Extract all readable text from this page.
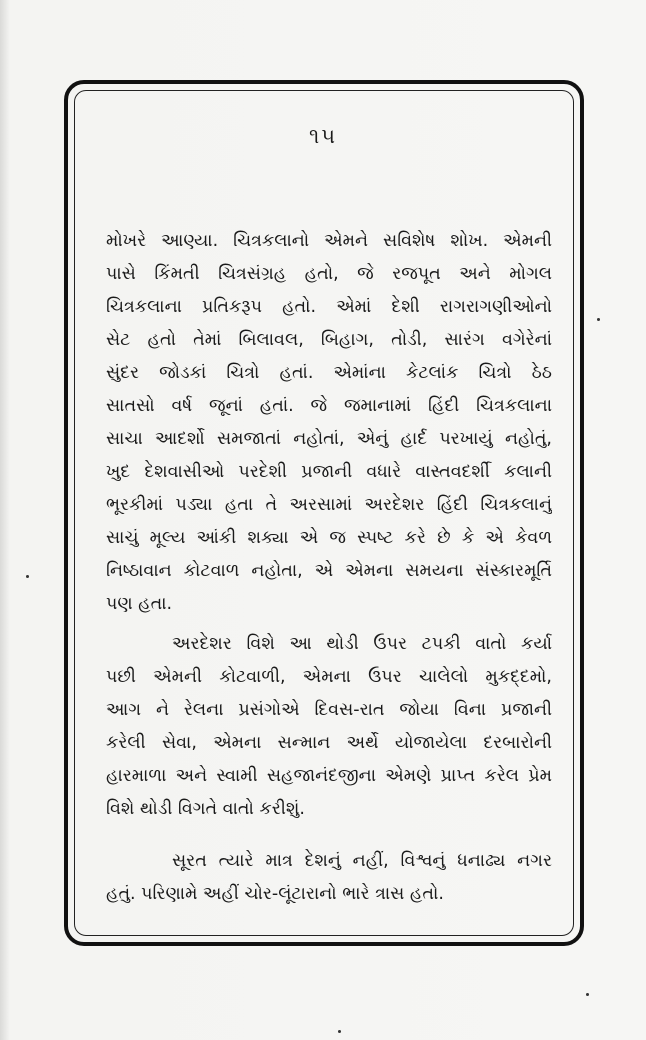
૧૫
મોખરે આણ્યા. ચિત્રકલાનો એમને સવિશેષ શોખ. એમની
પાસે કિંમતી ચિત્રસંગ્રહ હતો, જે રજપૂત અને મોગલ
ચિત્રકલાના પ્રતિકરૂપ હતો. એમાં દેશી રાગરાગણીઓનો
સેટ હતો તેમાં બિલાવલ, બિહાગ, તોડી, સારંગ વગેરેનાં
સુંદર જોડકાં ચિત્રો હતાં. એમાંના કેટલાંક ચિત્રો ઠેઠ
સાતસો વર્ષ જૂનાં હતાં. જે જમાનામાં હિંદી ચિત્રકલાના
સાચા આદર્શો સમજાતાં નહોતાં, એનું હાર્દ પરખાયું નહોતું,
ખુદ દેશવાસીઓ પરદેશી પ્રજાની વધારે વાસ્તવદર્શી કલાની
ભૂરકીમાં પડ્યા હતા તે અરસામાં અરદેશર હિંદી ચિત્રકલાનું
સાચું મૂલ્ય આંકી શક્યા એ જ સ્પષ્ટ કરે છે કે એ કેવળ
નિષ્ઠાવાન કોટવાળ નહોતા, એ એમના સમયના સંસ્કારમૂર્તિ
પણ હતા.
અરદેશર વિશે આ થોડી ઉપર ટપકી વાતો કર્યા
પછી એમની કોટવાળી, એમના ઉપર ચાલેલો મુકદ્દમો,
આગ ને રેલના પ્રસંગોએ દિવસ-રાત જોયા વિના પ્રજાની
કરેલી સેવા, એમના સન્માન અર્થે યોજાયેલા દરબારોની
હારમાળા અને સ્વામી સહજાનંદજીના એમણે પ્રાપ્ત કરેલ પ્રેમ
વિશે થોડી વિગતે વાતો કરીશું.
સૂરત ત્યારે માત્ર દેશનું નહીં, વિશ્વનું ધનાઢ્ય નગર
હતું. પરિણામે અહીં ચોર-લૂંટારાનો ભારે ત્રાસ હતો.
